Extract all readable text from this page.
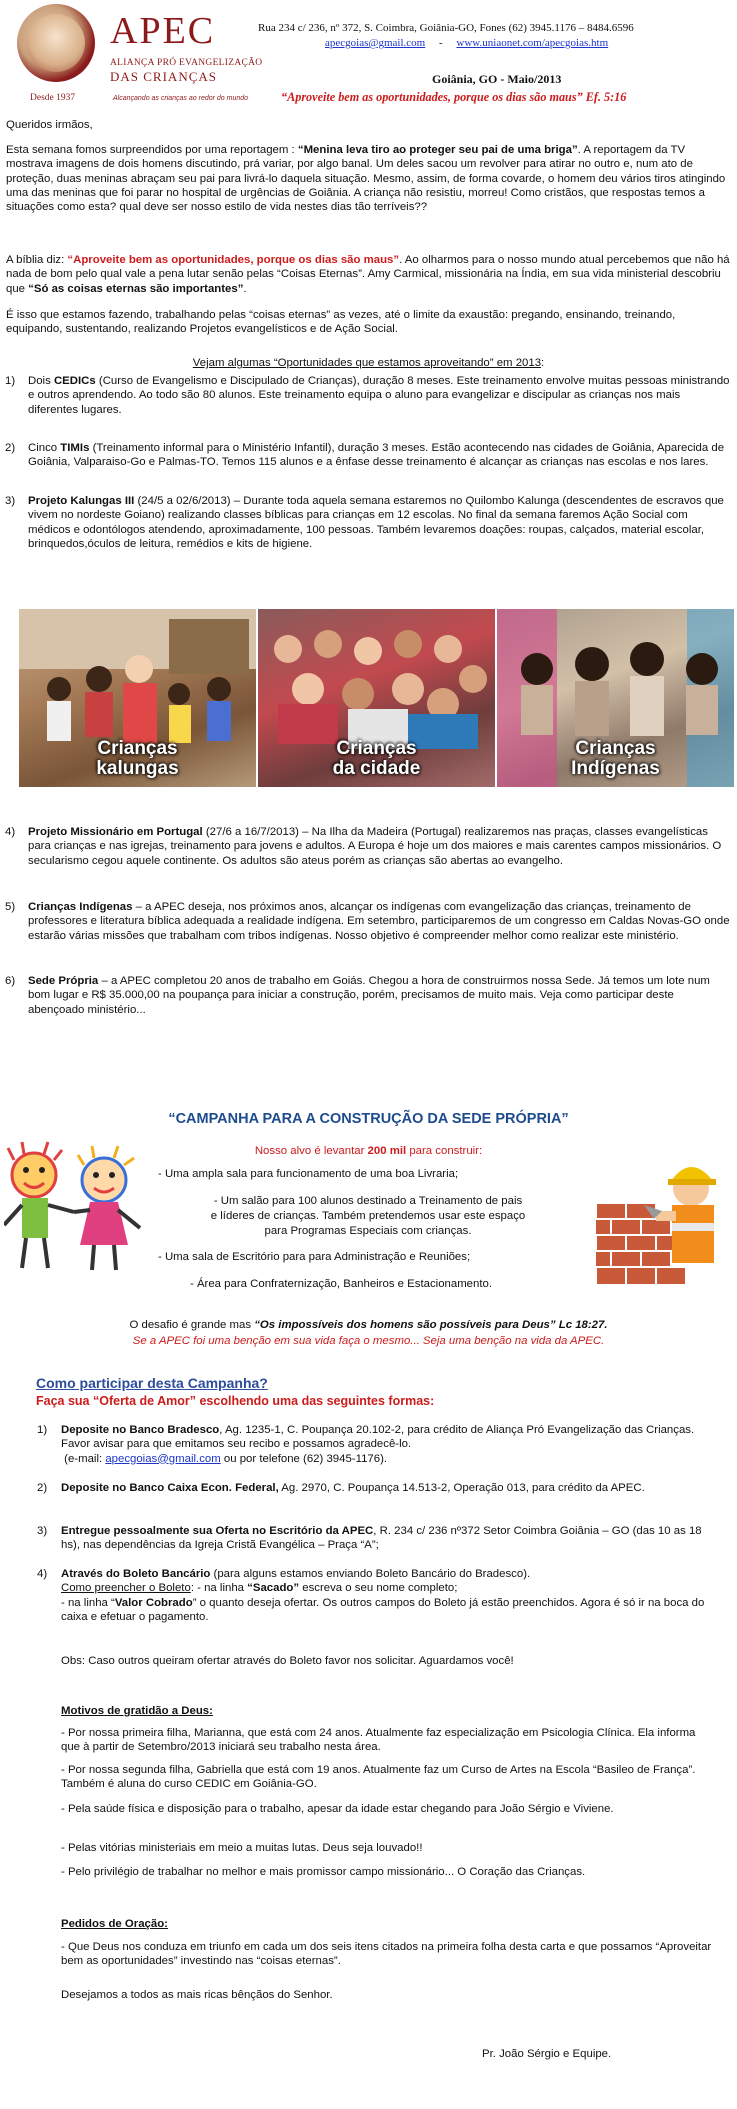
APEC
ALIANÇA PRÓ EVANGELIZAÇÃO
DAS CRIANÇAS
Desde 1937	Alcançando as crianças ao redor do mundo
Rua 234 c/ 236, nº 372, S. Coimbra, Goiânia-GO, Fones (62) 3945.1176 – 8484.6596
apecgoias@gmail.com - www.uniaonet.com/apecgoias.htm
Goiânia, GO - Maio/2013
“Aproveite bem as oportunidades, porque os dias são maus” Ef. 5:16
Queridos irmãos,

Esta semana fomos surpreendidos por uma reportagem : “Menina leva tiro ao proteger seu pai de uma briga”. A reportagem da TV mostrava imagens de dois homens discutindo, prá variar, por algo banal. Um deles sacou um revolver para atirar no outro e, num ato de proteção, duas meninas abraçam seu pai para livrá-lo daquela situação. Mesmo, assim, de forma covarde, o homem deu vários tiros atingindo uma das meninas que foi parar no hospital de urgências de Goiânia. A criança não resistiu, morreu! Como cristãos, que respostas temos a situações como esta? qual deve ser nosso estilo de vida nestes dias tão terríveis??

A bíblia diz: “Aproveite bem as oportunidades, porque os dias são maus”. Ao olharmos para o nosso mundo atual percebemos que não há nada de bom pelo qual vale a pena lutar senão pelas “Coisas Eternas”. Amy Carmical, missionária na Índia, em sua vida ministerial descobriu que “Só as coisas eternas são importantes”.

É isso que estamos fazendo, trabalhando pelas “coisas eternas” as vezes, até o limite da exaustão: pregando, ensinando, treinando, equipando, sustentando, realizando Projetos evangelísticos e de Ação Social.

Vejam algumas “Oportunidades que estamos aproveitando” em 2013:
1) Dois CEDICs (Curso de Evangelismo e Discipulado de Crianças), duração 8 meses. Este treinamento envolve muitas pessoas ministrando e outros aprendendo. Ao todo são 80 alunos. Este treinamento equipa o aluno para evangelizar e discipular as crianças nos mais diferentes lugares.
2) Cinco TIMIs (Treinamento informal para o Ministério Infantil), duração 3 meses. Estão acontecendo nas cidades de Goiânia, Aparecida de Goiânia, Valparaiso-Go e Palmas-TO. Temos 115 alunos e a ênfase desse treinamento é alcançar as crianças nas escolas e nos lares.
3) Projeto Kalungas III (24/5 a 02/6/2013) – Durante toda aquela semana estaremos no Quilombo Kalunga (descendentes de escravos que vivem no nordeste Goiano) realizando classes bíblicas para crianças em 12 escolas. No final da semana faremos Ação Social com médicos e odontólogos atendendo, aproximadamente, 100 pessoas. Também levaremos doações: roupas, calçados, material escolar, brinquedos,óculos de leitura, remédios e kits de higiene.
Crianças
kalungas
Crianças
da cidade
Crianças
Indígenas
4) Projeto Missionário em Portugal (27/6 a 16/7/2013) – Na Ilha da Madeira (Portugal) realizaremos nas praças, classes evangelísticas para crianças e nas igrejas, treinamento para jovens e adultos. A Europa é hoje um dos maiores e mais carentes campos missionários. O secularismo cegou aquele continente. Os adultos são ateus porém as crianças são abertas ao evangelho.
5) Crianças Indígenas – a APEC deseja, nos próximos anos, alcançar os indígenas com evangelização das crianças, treinamento de professores e literatura bíblica adequada a realidade indígena. Em setembro, participaremos de um congresso em Caldas Novas-GO onde estarão várias missões que trabalham com tribos indígenas. Nosso objetivo é compreender melhor como realizar este ministério.
6) Sede Própria – a APEC completou 20 anos de trabalho em Goiás. Chegou a hora de construirmos nossa Sede. Já temos um lote num bom lugar e R$ 35.000,00 na poupança para iniciar a construção, porém, precisamos de muito mais. Veja como participar deste abençoado ministério...
“CAMPANHA PARA A CONSTRUÇÃO DA SEDE PRÓPRIA”
Nosso alvo é levantar 200 mil para construir:
- Uma ampla sala para funcionamento de uma boa Livraria;
- Um salão para 100 alunos destinado a Treinamento de pais
e líderes de crianças. Também pretendemos usar este espaço
para Programas Especiais com crianças.
- Uma sala de Escritório para para Administração e Reuniões;
- Área para Confraternização, Banheiros e Estacionamento.
O desafio é grande mas “Os impossíveis dos homens são possíveis para Deus” Lc 18:27.
Se a APEC foi uma benção em sua vida faça o mesmo... Seja uma benção na vida da APEC.
Como participar desta Campanha?
Faça sua “Oferta de Amor” escolhendo uma das seguintes formas:
1) Deposite no Banco Bradesco, Ag. 1235-1, C. Poupança 20.102-2, para crédito de Aliança Pró Evangelização das Crianças. Favor avisar para que emitamos seu recibo e possamos agradecê-lo.
(e-mail: apecgoias@gmail.com ou por telefone (62) 3945-1176).
2) Deposite no Banco Caixa Econ. Federal, Ag. 2970, C. Poupança 14.513-2, Operação 013, para crédito da APEC.
3) Entregue pessoalmente sua Oferta no Escritório da APEC, R. 234 c/ 236 nº372 Setor Coimbra Goiânia – GO (das 10 as 18 hs), nas dependências da Igreja Cristã Evangélica – Praça “A”;
4) Através do Boleto Bancário (para alguns estamos enviando Boleto Bancário do Bradesco).
Como preencher o Boleto: - na linha “Sacado” escreva o seu nome completo;
- na linha “Valor Cobrado” o quanto deseja ofertar. Os outros campos do Boleto já estão preenchidos. Agora é só ir na boca do caixa e efetuar o pagamento.
Obs: Caso outros queiram ofertar através do Boleto favor nos solicitar. Aguardamos você!
Motivos de gratidão a Deus:
- Por nossa primeira filha, Marianna, que está com 24 anos. Atualmente faz especialização em Psicologia Clínica. Ela informa que à partir de Setembro/2013 iniciará seu trabalho nesta área.
- Por nossa segunda filha, Gabriella que está com 19 anos. Atualmente faz um Curso de Artes na Escola “Basileo de França”. Também é aluna do curso CEDIC em Goiânia-GO.
- Pela saúde física e disposição para o trabalho, apesar da idade estar chegando para João Sérgio e Viviene.
- Pelas vitórias ministeriais em meio a muitas lutas. Deus seja louvado!!
- Pelo privilégio de trabalhar no melhor e mais promissor campo missionário... O Coração das Crianças.
Pedidos de Oração:
- Que Deus nos conduza em triunfo em cada um dos seis itens citados na primeira folha desta carta e que possamos “Aproveitar bem as oportunidades” investindo nas “coisas eternas”.
Desejamos a todos as mais ricas bênçãos do Senhor.
Pr. João Sérgio e Equipe.
